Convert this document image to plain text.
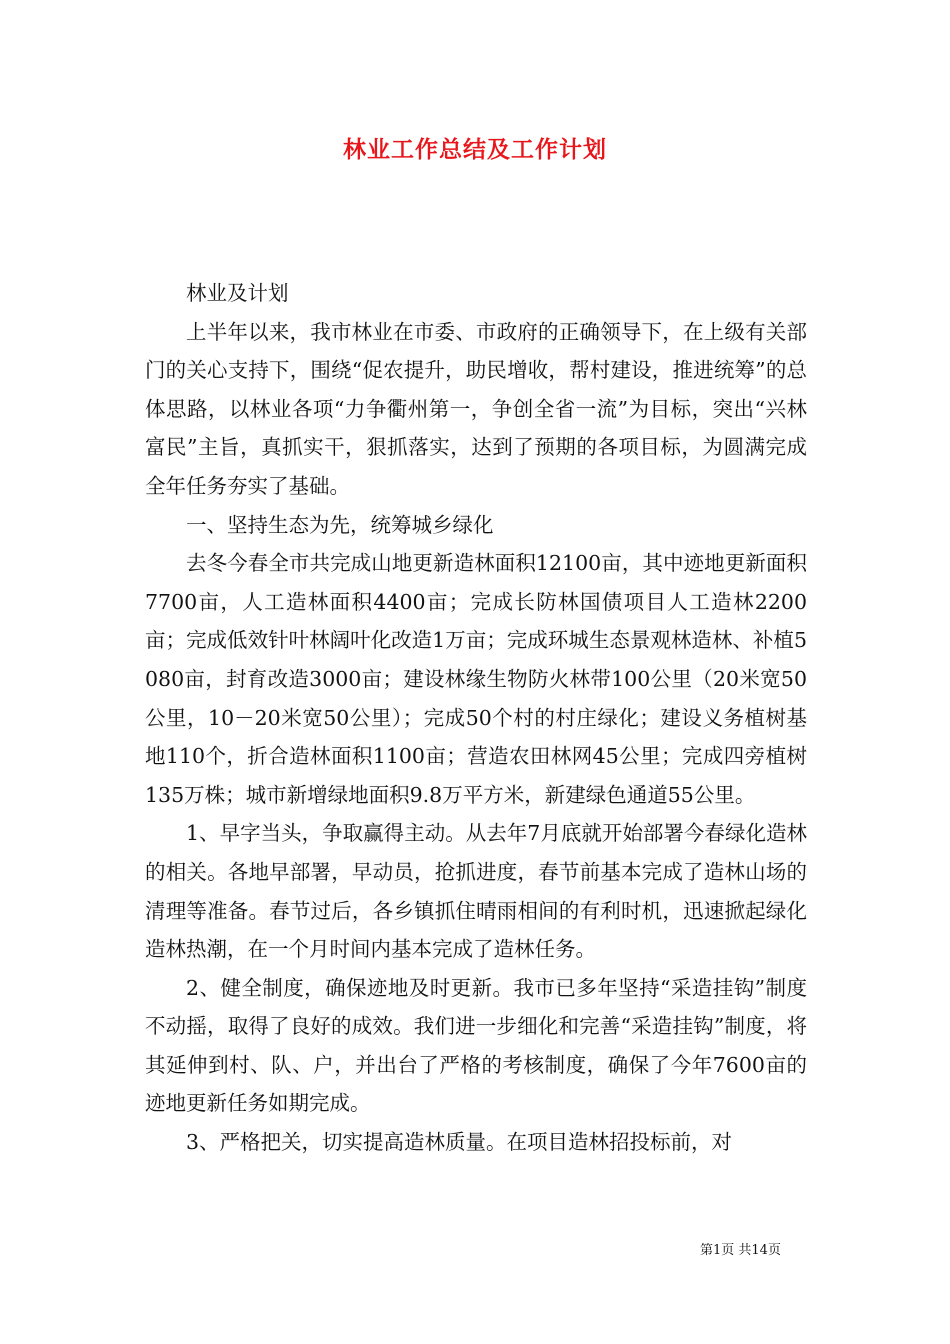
林业工作总结及工作计划

林业及计划

上半年以来，我市林业在市委、市政府的正确领导下，在上级有关部门的关心支持下，围绕“促农提升，助民增收，帮村建设，推进统筹”的总体思路，以林业各项“力争衢州第一，争创全省一流”为目标，突出“兴林富民”主旨，真抓实干，狠抓落实，达到了预期的各项目标，为圆满完成全年任务夯实了基础。

一、坚持生态为先，统筹城乡绿化

去冬今春全市共完成山地更新造林面积12100亩，其中迹地更新面积7700亩，人工造林面积4400亩；完成长防林国债项目人工造林2200亩；完成低效针叶林阔叶化改造1万亩；完成环城生态景观林造林、补植5080亩，封育改造3000亩；建设林缘生物防火林带100公里（20米宽50公里，10－20米宽50公里）；完成50个村的村庄绿化；建设义务植树基地110个，折合造林面积1100亩；营造农田林网45公里；完成四旁植树135万株；城市新增绿地面积9.8万平方米，新建绿色通道55公里。

1、早字当头，争取赢得主动。从去年7月底就开始部署今春绿化造林的相关。各地早部署，早动员，抢抓进度，春节前基本完成了造林山场的清理等准备。春节过后，各乡镇抓住晴雨相间的有利时机，迅速掀起绿化造林热潮，在一个月时间内基本完成了造林任务。

2、健全制度，确保迹地及时更新。我市已多年坚持“采造挂钩”制度不动摇，取得了良好的成效。我们进一步细化和完善“采造挂钩”制度，将其延伸到村、队、户，并出台了严格的考核制度，确保了今年7600亩的迹地更新任务如期完成。

3、严格把关，切实提高造林质量。在项目造林招投标前，对

第1页 共14页
